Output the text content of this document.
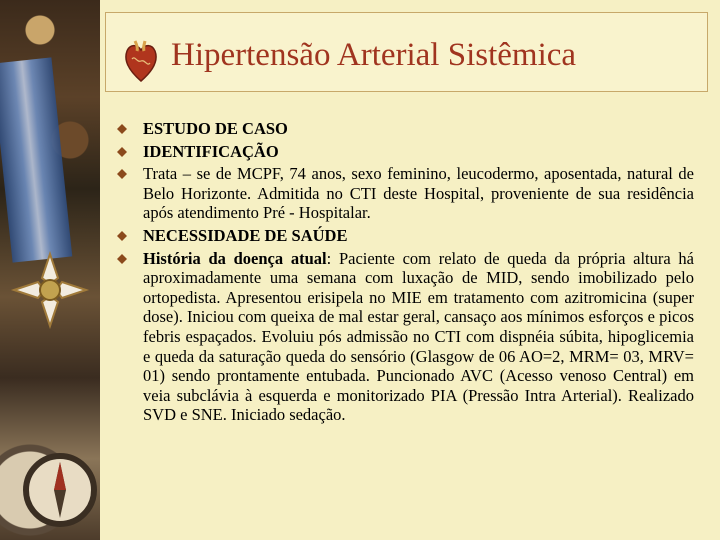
Hipertensão Arterial Sistêmica
ESTUDO DE CASO
IDENTIFICAÇÃO
Trata – se de MCPF, 74 anos, sexo feminino, leucodermo, aposentada, natural de Belo Horizonte. Admitida no CTI deste Hospital, proveniente de sua residência após atendimento Pré - Hospitalar.
NECESSIDADE DE SAÚDE
História da doença atual: Paciente com relato de queda da própria altura há aproximadamente uma semana com luxação de MID, sendo imobilizado pelo ortopedista. Apresentou erisipela no MIE em tratamento com azitromicina (super dose). Iniciou com queixa de mal estar geral, cansaço aos mínimos esforços e picos febris espaçados. Evoluiu pós admissão no CTI com dispnéia súbita, hipoglicemia e queda da saturação queda do sensório (Glasgow de 06 AO=2, MRM= 03, MRV= 01) sendo prontamente entubada. Puncionado AVC (Acesso venoso Central) em veia subclávia à esquerda e monitorizado PIA (Pressão Intra Arterial). Realizado SVD e SNE. Iniciado sedação.
